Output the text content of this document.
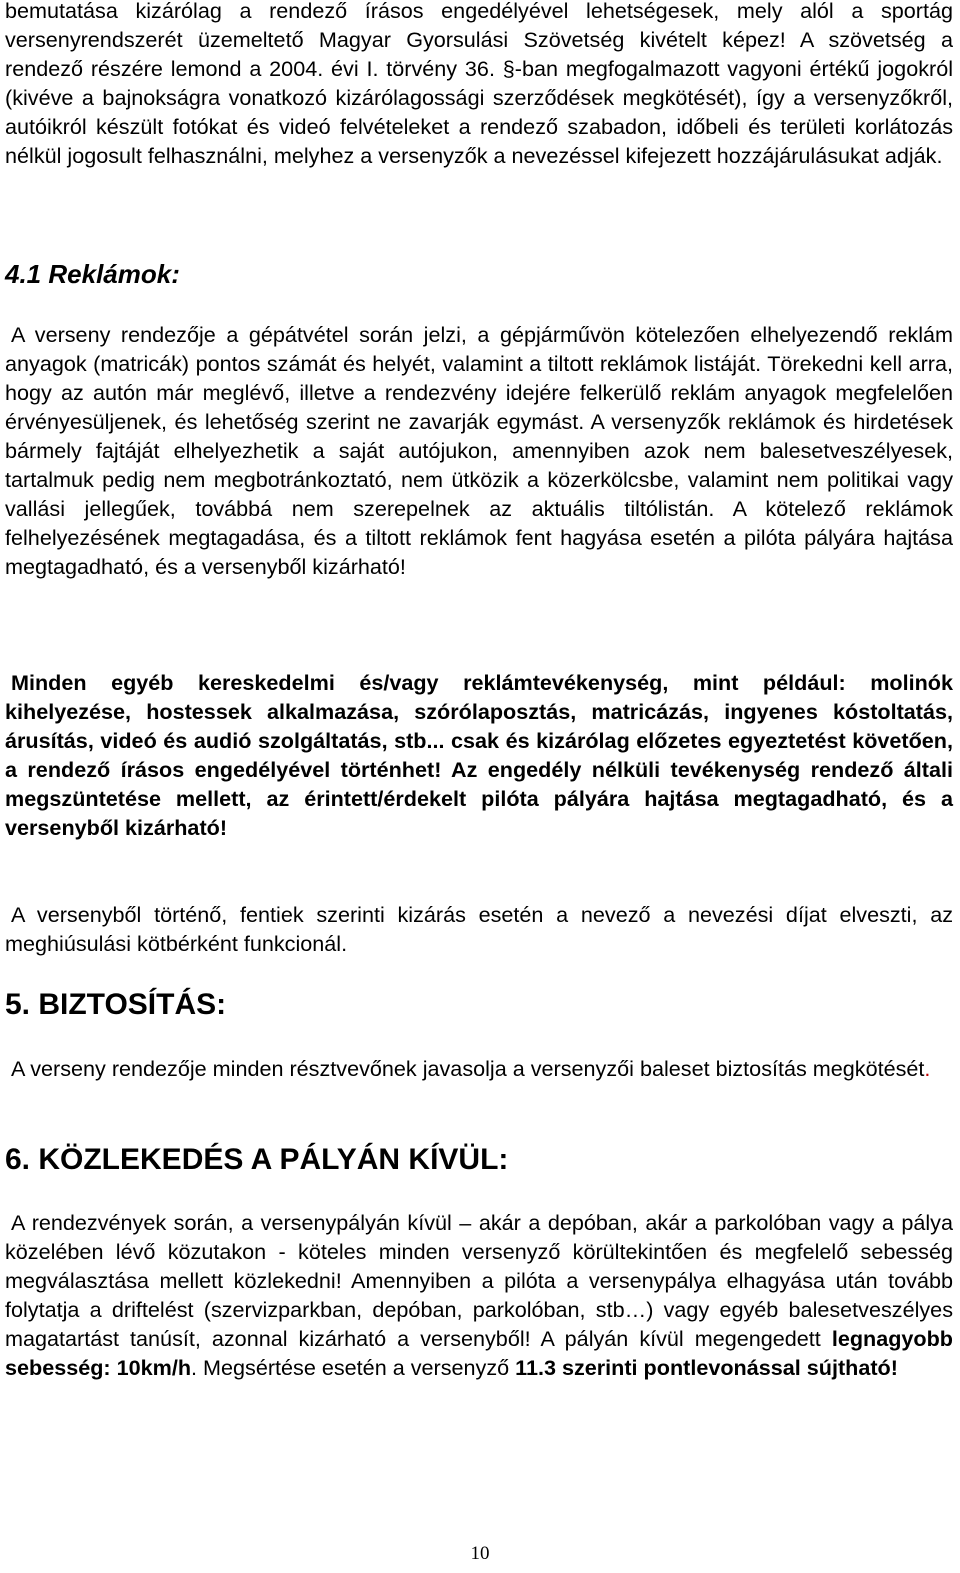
bemutatása kizárólag a rendező írásos engedélyével lehetségesek, mely alól a sportág versenyrendszerét üzemeltető Magyar Gyorsulási Szövetség kivételt képez! A szövetség a rendező részére lemond a 2004. évi I. törvény 36. §-ban megfogalmazott vagyoni értékű jogokról (kivéve a bajnokságra vonatkozó kizárólagossági szerződések megkötését), így a versenyzőkről, autóikról készült fotókat és videó felvételeket a rendező szabadon, időbeli és területi korlátozás nélkül jogosult felhasználni, melyhez a versenyzők a nevezéssel kifejezett hozzájárulásukat adják.

4.1 Reklámok:

A verseny rendezője a gépátvétel során jelzi, a gépjárművön kötelezően elhelyezendő reklám anyagok (matricák) pontos számát és helyét, valamint a tiltott reklámok listáját. Törekedni kell arra, hogy az autón már meglévő, illetve a rendezvény idejére felkerülő reklám anyagok megfelelően érvényesüljenek, és lehetőség szerint ne zavarják egymást. A versenyzők reklámok és hirdetések bármely fajtáját elhelyezhetik a saját autójukon, amennyiben azok nem balesetveszélyesek, tartalmuk pedig nem megbotránkoztató, nem ütközik a közerkölcsbe, valamint nem politikai vagy vallási jellegűek, továbbá nem szerepelnek az aktuális tiltólistán. A kötelező reklámok felhelyezésének megtagadása, és a tiltott reklámok fent hagyása esetén a pilóta pályára hajtása megtagadható, és a versenyből kizárható!

Minden egyéb kereskedelmi és/vagy reklámtevékenység, mint például: molinók kihelyezése, hostessek alkalmazása, szórólaposztás, matricázás, ingyenes kóstoltatás, árusítás, videó és audió szolgáltatás, stb... csak és kizárólag előzetes egyeztetést követően, a rendező írásos engedélyével történhet! Az engedély nélküli tevékenység rendező általi megszüntetése mellett, az érintett/érdekelt pilóta pályára hajtása megtagadható, és a versenyből kizárható!

A versenyből történő, fentiek szerinti kizárás esetén a nevező a nevezési díjat elveszti, az meghiúsulási kötbérként funkcionál.

5. BIZTOSÍTÁS:

A verseny rendezője minden résztvevőnek javasolja a versenyzői baleset biztosítás megkötését.

6. KÖZLEKEDÉS A PÁLYÁN KÍVÜL:

A rendezvények során, a versenypályán kívül – akár a depóban, akár a parkolóban vagy a pálya közelében lévő közutakon - köteles minden versenyző körültekintően és megfelelő sebesség megválasztása mellett közlekedni! Amennyiben a pilóta a versenypálya elhagyása után tovább folytatja a driftelést (szervizparkban, depóban, parkolóban, stb…) vagy egyéb balesetveszélyes magatartást tanúsít, azonnal kizárható a versenyből! A pályán kívül megengedett legnagyobb sebesség: 10km/h. Megsértése esetén a versenyző 11.3 szerinti pontlevonással sújtható!

10
